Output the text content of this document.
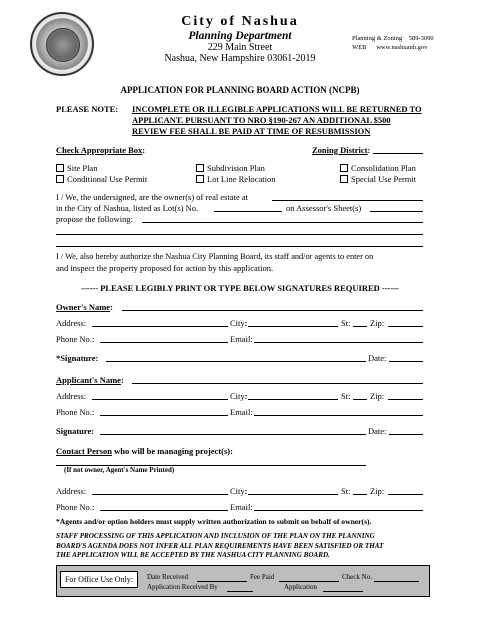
City of Nashua
Planning Department
229 Main Street
Nashua, New Hampshire 03061-2019
Planning & Zoning 589-3090
WEB www.nashuanh.gov
APPLICATION FOR PLANNING BOARD ACTION (NCPB)
PLEASE NOTE: INCOMPLETE OR ILLEGIBLE APPLICATIONS WILL BE RETURNED TO
APPLICANT. PURSUANT TO NRO §190-267 AN ADDITIONAL $500
REVIEW FEE SHALL BE PAID AT TIME OF RESUBMISSION
Check Appropriate Box:	Zoning District:
Site Plan	Subdivision Plan	Consolidation Plan
Conditional Use Permit	Lot Line Relocation	Special Use Permit
I / We, the undersigned, are the owner(s) of real estate at
in the City of Nashua, listed as Lot(s) No.	on Assessor's Sheet(s)
propose the following:
I / We, also hereby authorize the Nashua City Planning Board, its staff and/or agents to enter on
and inspect the property proposed for action by this application.
------ PLEASE LEGIBLY PRINT OR TYPE BELOW SIGNATURES REQUIRED ------
Owner's Name:
Address:	City:	St: Zip:
Phone No.:	Email:
*Signature:	Date:
Applicant's Name:
Address:	City:	St: Zip:
Phone No.:	Email:
Signature:	Date:
Contact Person who will be managing project(s):
(If not owner, Agent's Name Printed)
Address:	City:	St: Zip:
Phone No.:	Email:
*Agents and/or option holders must supply written authorization to submit on behalf of owner(s).
STAFF PROCESSING OF THIS APPLICATION AND INCLUSION OF THE PLAN ON THE PLANNING
BOARD'S AGENDA DOES NOT INFER ALL PLAN REQUIREMENTS HAVE BEEN SATISFIED OR THAT
THE APPLICATION WILL BE ACCEPTED BY THE NASHUA CITY PLANNING BOARD.
For Office Use Only:	Date Received	Fee Paid	Check No.
Application Received By	Application
